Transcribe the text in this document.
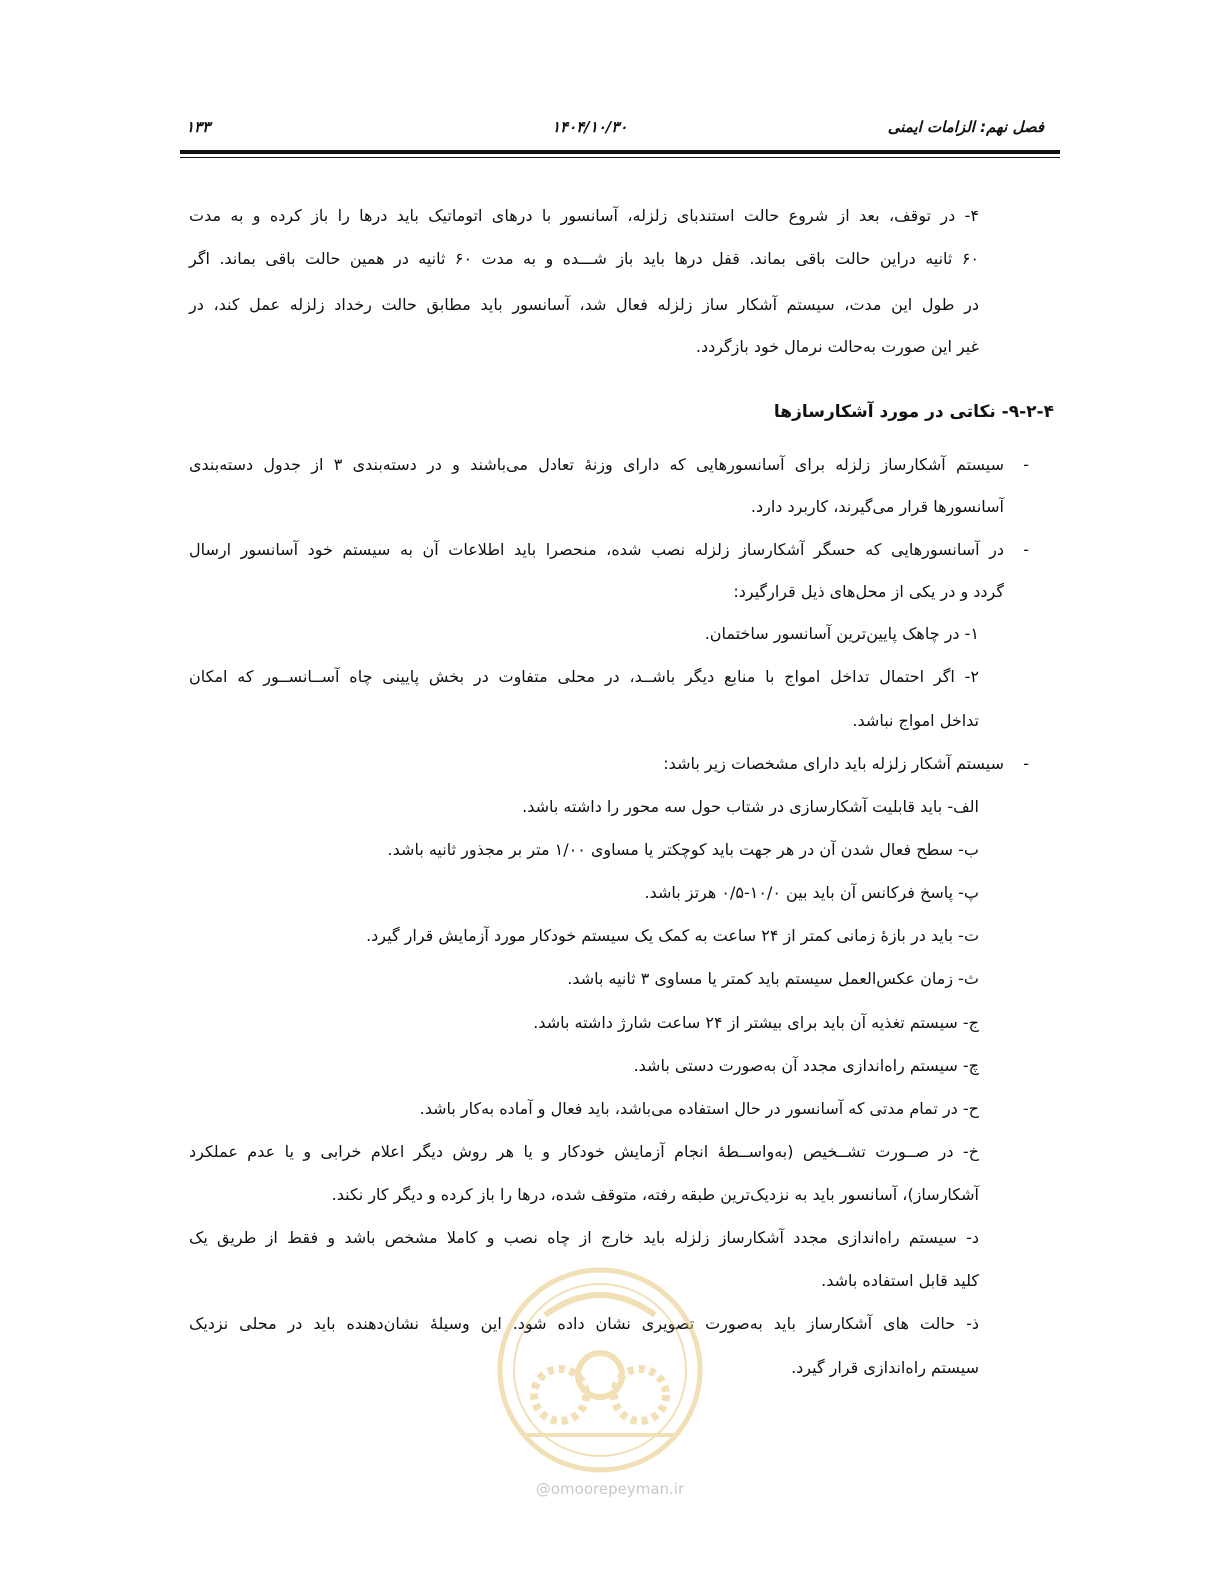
فصل نهم: الزامات ایمنی
۱۴۰۴/۱۰/۳۰
۱۳۳
۴- در توقف، بعد از شروع حالت استندبای زلزله، آسانسور با درهای اتوماتیک باید درها را باز کرده و به مدت
۶۰ ثانیه دراین حالت باقی بماند. قفل درها باید باز شـــده و به مدت ۶۰ ثانیه در همین حالت باقی بماند. اگر
در طول این مدت، سیستم آشکار ساز زلزله فعال شد، آسانسور باید مطابق حالت رخداد زلزله عمل کند، در
غیر این صورت به‌حالت نرمال خود بازگردد.
۹-۲-۴- نکاتی در مورد آشکارسازها
-
سیستم آشکارساز زلزله برای آسانسورهایی که دارای وزنهٔ تعادل می‌باشند و در دسته‌بندی ۳ از جدول دسته‌بندی
آسانسورها قرار می‌گیرند، کاربرد دارد.
-
در آسانسورهایی که حسگر آشکارساز زلزله نصب شده، منحصرا باید اطلاعات آن به سیستم خود آسانسور ارسال
گردد و در یکی از محل‌های ذیل قرارگیرد:
۱- در چاهک پایین‌ترین آسانسور ساختمان.
۲- اگر احتمال تداخل امواج با منابع دیگر باشــد، در محلی متفاوت در بخش پایینی چاه آســانســور که امکان
تداخل امواج نباشد.
-
سیستم آشکار زلزله باید دارای مشخصات زیر باشد:
الف- باید قابلیت آشکارسازی در شتاب حول سه محور را داشته باشد.
ب- سطح فعال شدن آن در هر جهت باید کوچکتر یا مساوی ۱/۰۰ متر بر مجذور ثانیه باشد.
پ- پاسخ فرکانس آن باید بین ۱۰/۰-۰/۵ هرتز باشد.
ت- باید در بازهٔ زمانی کمتر از ۲۴ ساعت به کمک یک سیستم خودکار مورد آزمایش قرار گیرد.
ث- زمان عکس‌العمل سیستم باید کمتر یا مساوی ۳ ثانیه باشد.
ج- سیستم تغذیه آن باید برای بیشتر از ۲۴ ساعت شارژ داشته باشد.
چ- سیستم راه‌اندازی مجدد آن به‌صورت دستی باشد.
ح- در تمام مدتی که آسانسور در حال استفاده می‌باشد، باید فعال و آماده به‌کار باشد.
خ- در صــورت تشــخیص (به‌واســطهٔ انجام آزمایش خودکار و یا هر روش دیگر اعلام خرابی و یا عدم عملکرد
آشکارساز)، آسانسور باید به نزدیک‌ترین طبقه رفته، متوقف شده، درها را باز کرده و دیگر کار نکند.
د- سیستم راه‌اندازی مجدد آشکارساز زلزله باید خارج از چاه نصب و کاملا مشخص باشد و فقط از طریق یک
کلید قابل استفاده باشد.
ذ- حالت های آشکارساز باید به‌صورت تصویری نشان داده شود. این وسیلهٔ نشان‌دهنده باید در محلی نزدیک
سیستم راه‌اندازی قرار گیرد.
@omoorepeyman.ir
